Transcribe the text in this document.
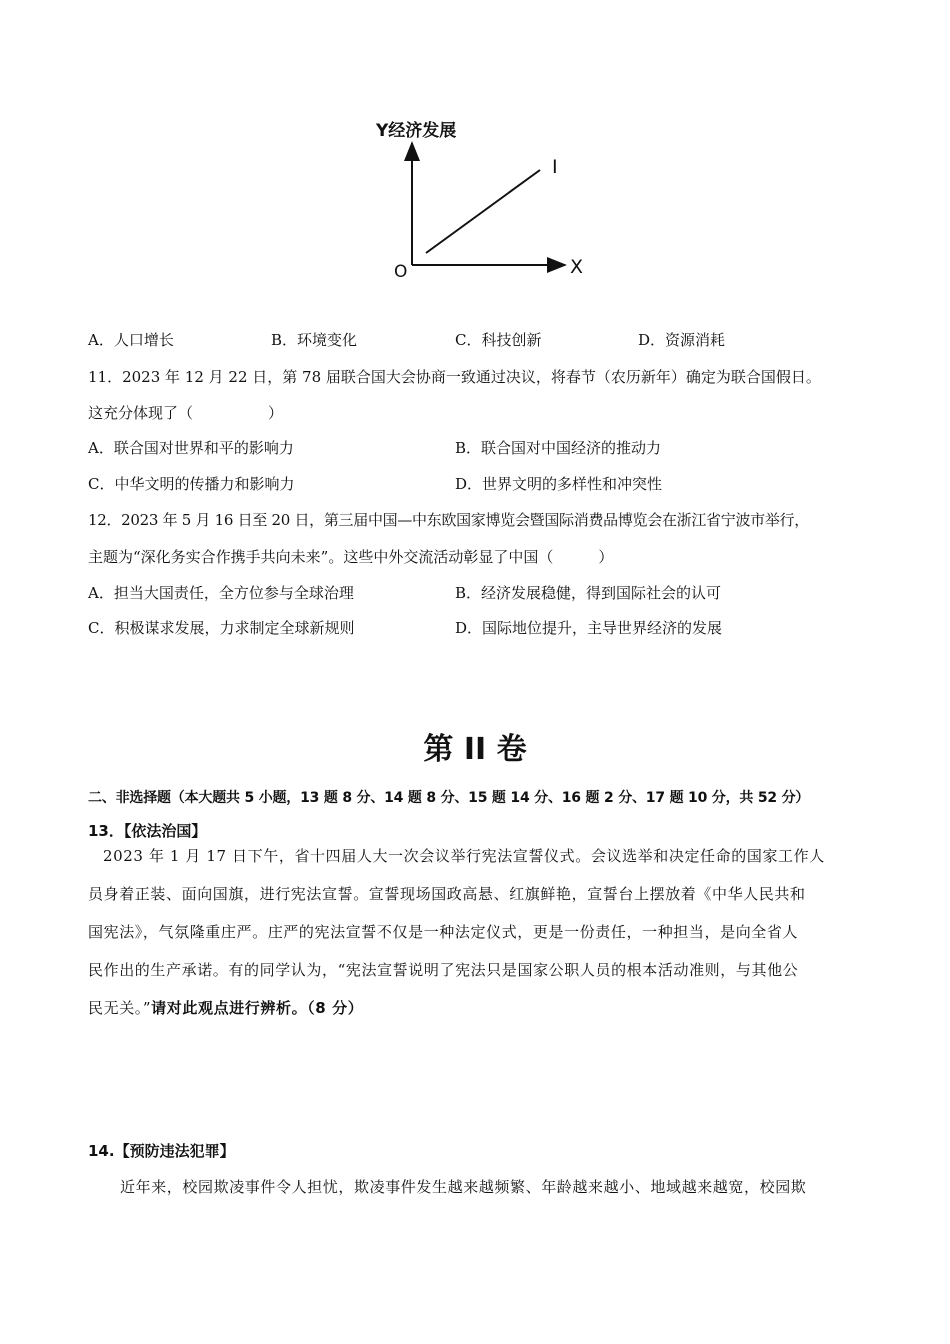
Y经济发展
X
O
I
A．人口增长	B．环境变化	C．科技创新	D．资源消耗
11．2023 年 12 月 22 日，第 78 届联合国大会协商一致通过决议，将春节（农历新年）确定为联合国假日。
这充分体现了（　　　　　）
A．联合国对世界和平的影响力	B．联合国对中国经济的推动力
C．中华文明的传播力和影响力	D．世界文明的多样性和冲突性
12．2023 年 5 月 16 日至 20 日，第三届中国—中东欧国家博览会暨国际消费品博览会在浙江省宁波市举行，
主题为“深化务实合作携手共向未来”。这些中外交流活动彰显了中国（　　　）
A．担当大国责任，全方位参与全球治理	B．经济发展稳健，得到国际社会的认可
C．积极谋求发展，力求制定全球新规则	D．国际地位提升，主导世界经济的发展
第 II 卷
二、非选择题（本大题共 5 小题，13 题 8 分、14 题 8 分、15 题 14 分、16 题 2 分、17 题 10 分，共 52 分）
13．【依法治国】
2023 年 1 月 17 日下午，省十四届人大一次会议举行宪法宣誓仪式。会议选举和决定任命的国家工作人
员身着正装、面向国旗，进行宪法宣誓。宣誓现场国政高悬、红旗鲜艳，宣誓台上摆放着《中华人民共和
国宪法》，气氛隆重庄严。庄严的宪法宣誓不仅是一种法定仪式，更是一份责任，一种担当，是向全省人
民作出的生产承诺。有的同学认为，“宪法宣誓说明了宪法只是国家公职人员的根本活动准则，与其他公
民无关。”请对此观点进行辨析。（8 分）
14.【预防违法犯罪】
近年来，校园欺凌事件令人担忧，欺凌事件发生越来越频繁、年龄越来越小、地域越来越宽，校园欺
